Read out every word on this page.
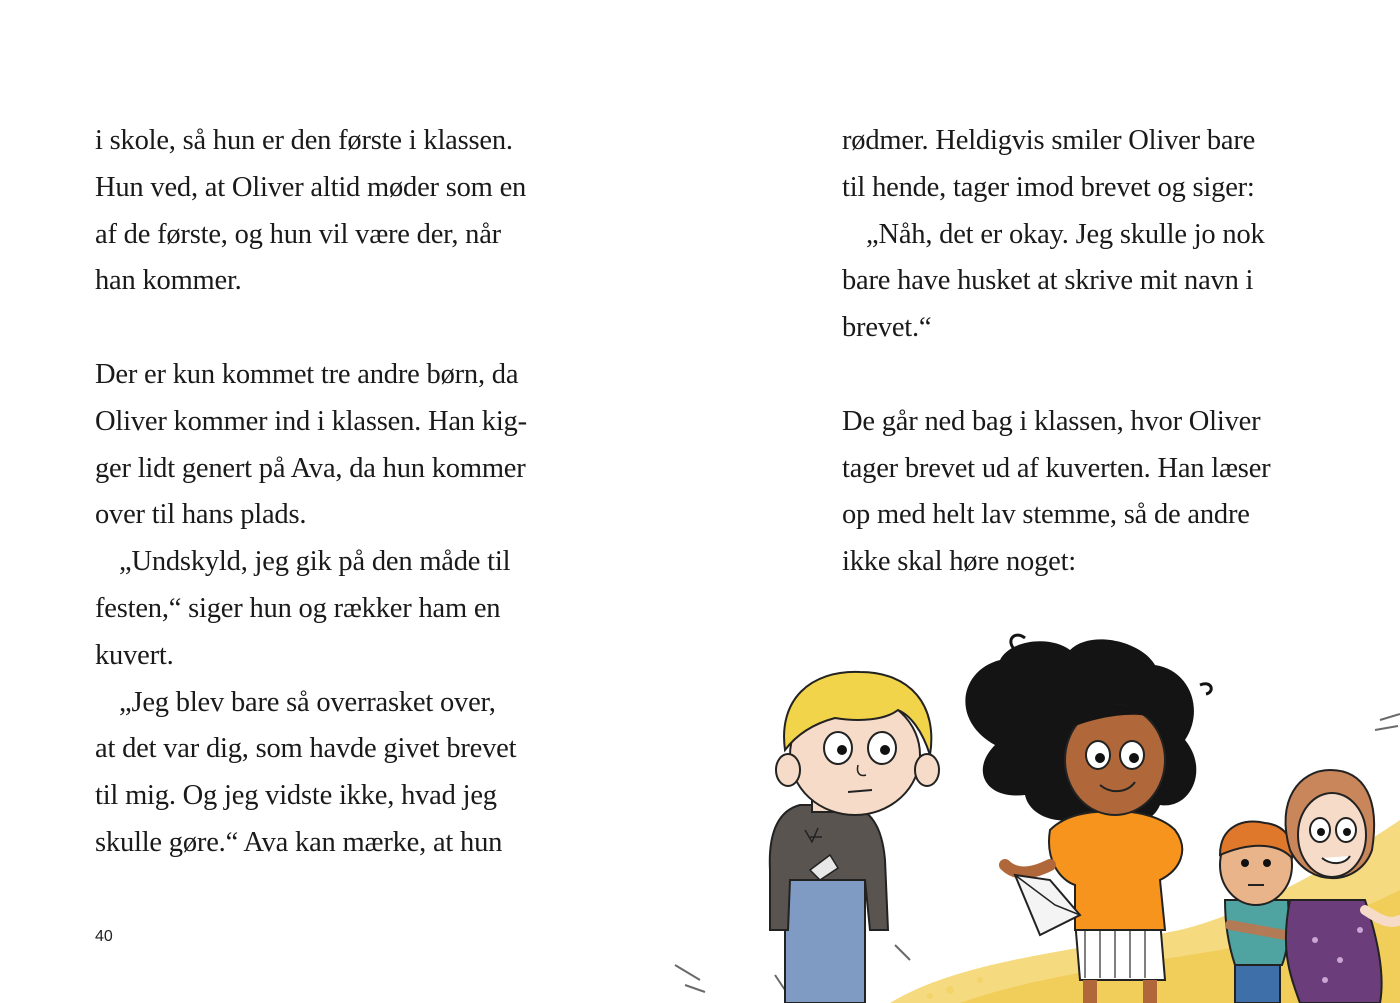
i skole, så hun er den første i klassen.
Hun ved, at Oliver altid møder som en
af de første, og hun vil være der, når
han kommer.
Der er kun kommet tre andre børn, da
Oliver kommer ind i klassen. Han kig-
ger lidt genert på Ava, da hun kommer
over til hans plads.
„Undskyld, jeg gik på den måde til
festen,“ siger hun og rækker ham en
kuvert.
„Jeg blev bare så overrasket over,
at det var dig, som havde givet brevet
til mig. Og jeg vidste ikke, hvad jeg
skulle gøre.“ Ava kan mærke, at hun
40
rødmer. Heldigvis smiler Oliver bare
til hende, tager imod brevet og siger:
„Nåh, det er okay. Jeg skulle jo nok
bare have husket at skrive mit navn i
brevet.“
De går ned bag i klassen, hvor Oliver
tager brevet ud af kuverten. Han læser
op med helt lav stemme, så de andre
ikke skal høre noget:
